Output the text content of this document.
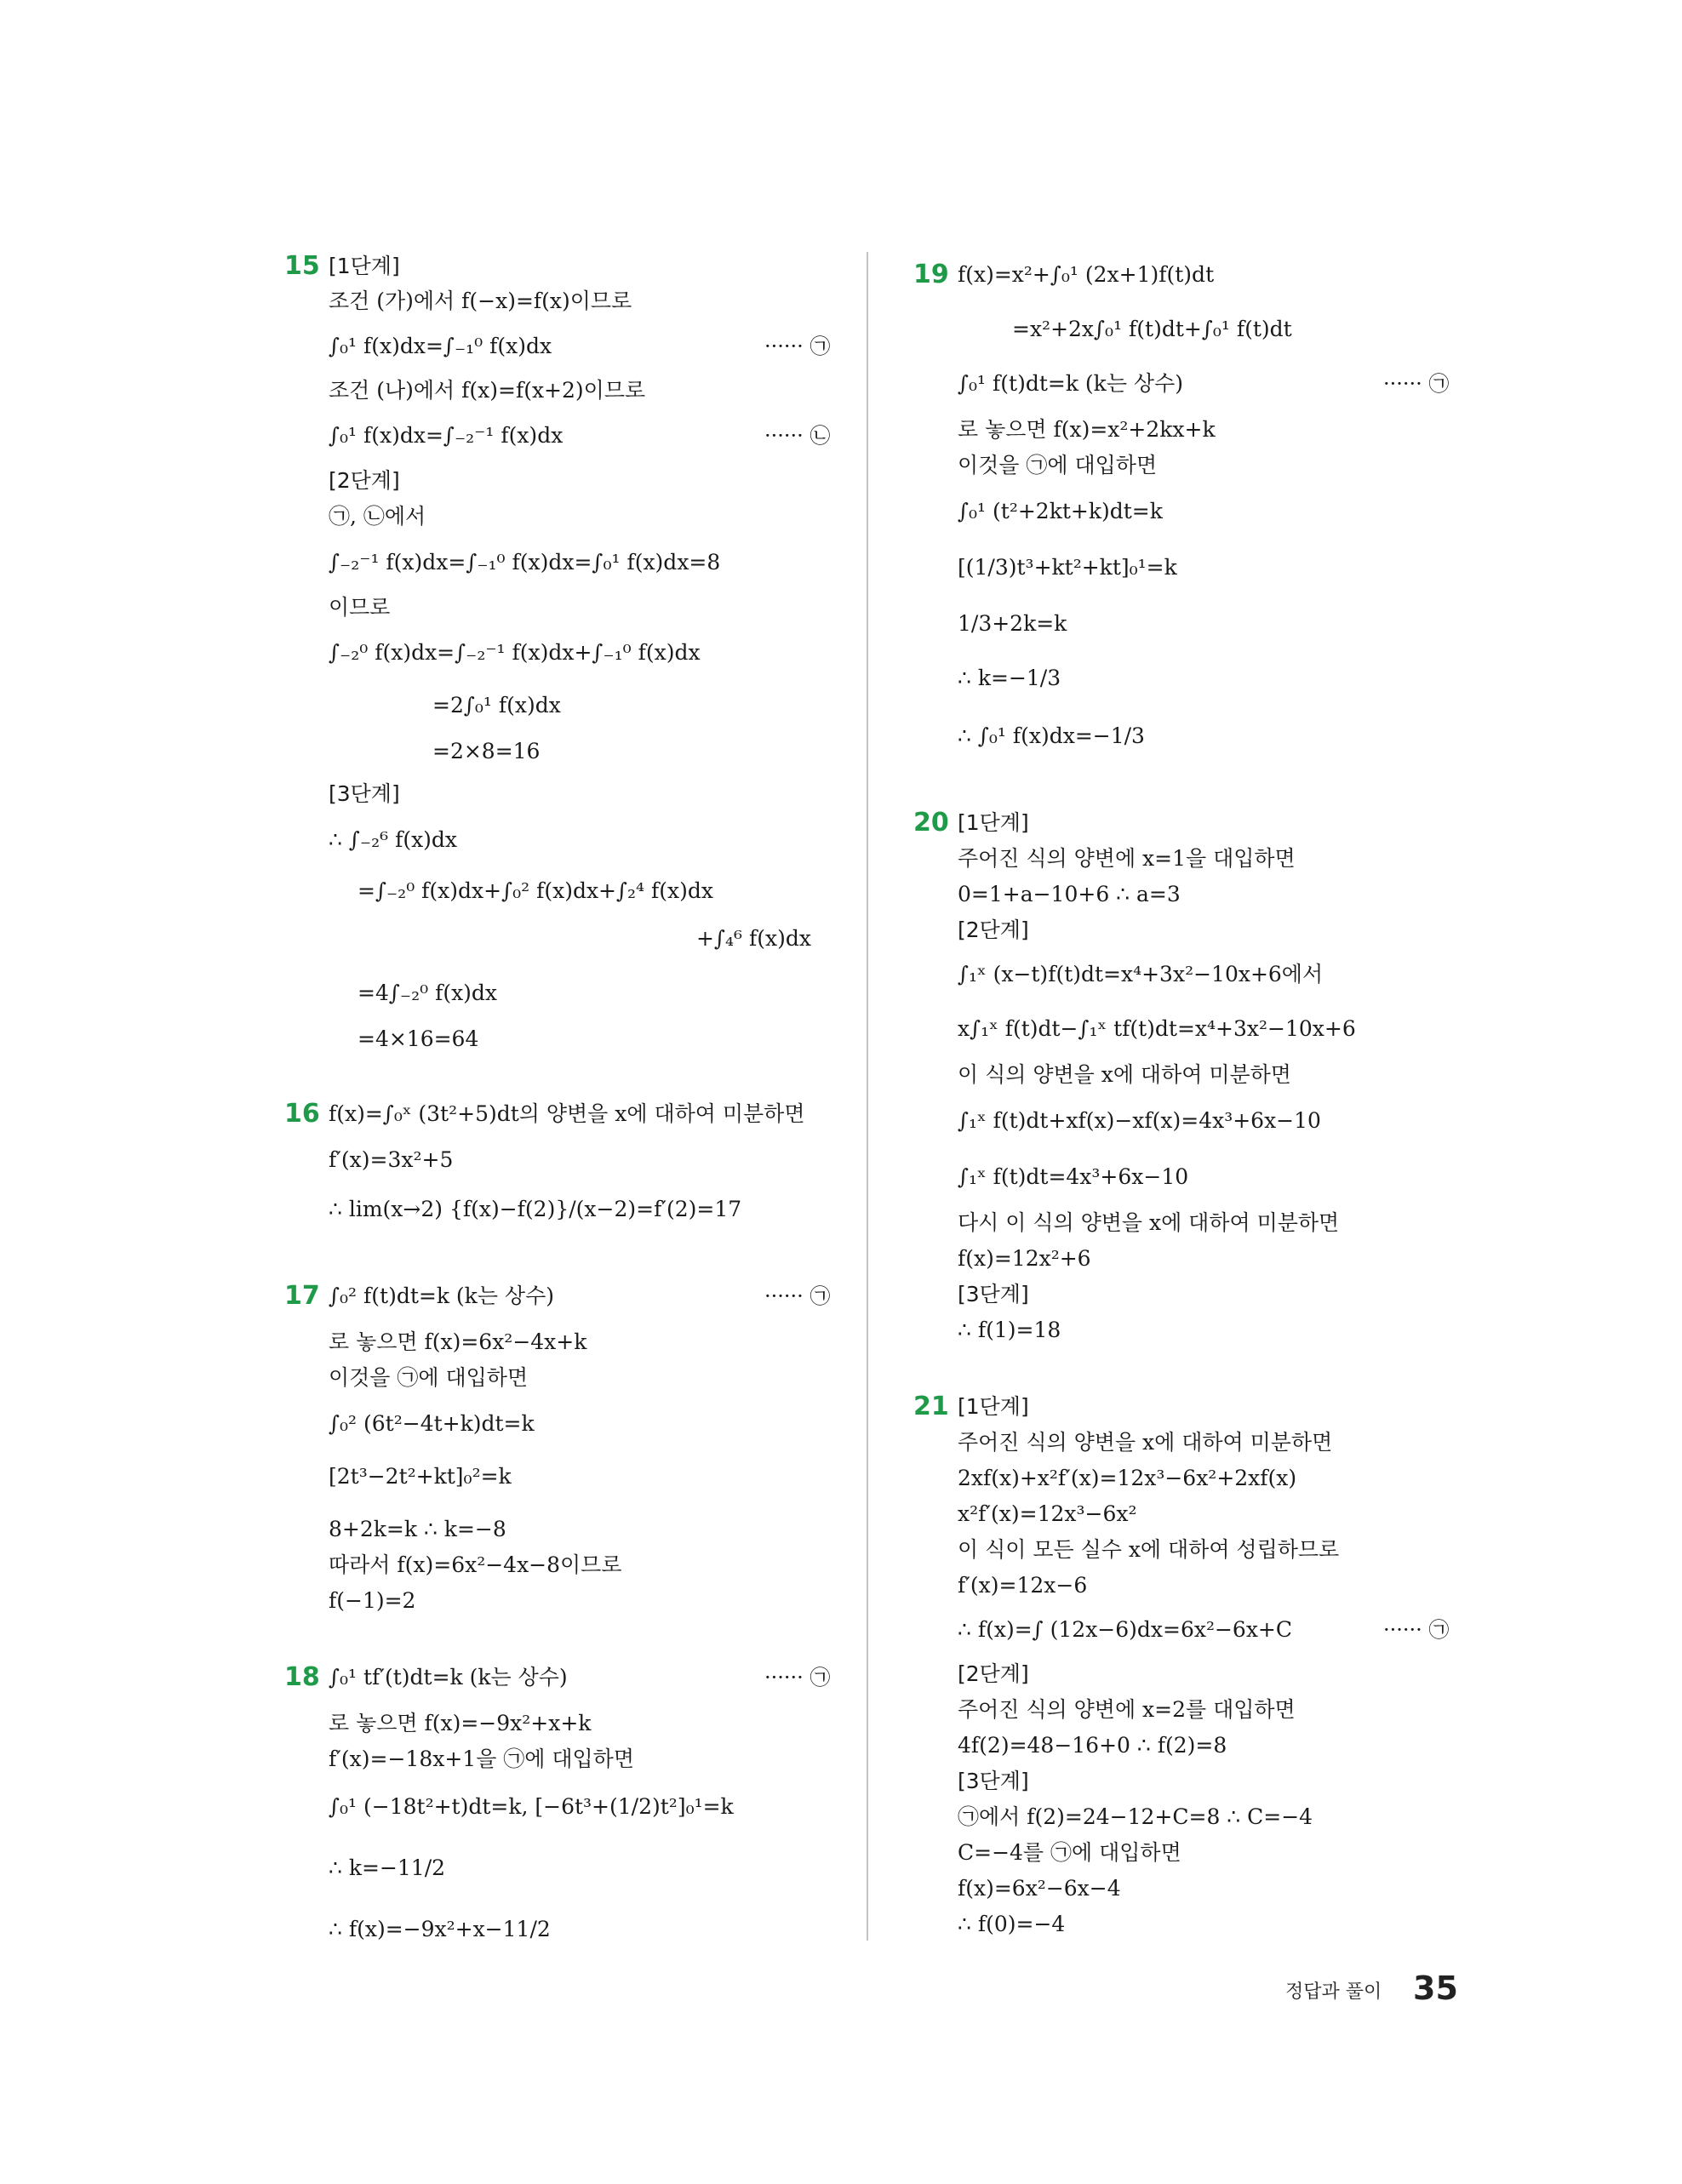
15 [1단계]
조건 (가)에서 f(−x)=f(x)이므로
∫₀¹ f(x)dx=∫₋₁⁰ f(x)dx	······ ㉠
조건 (나)에서 f(x)=f(x+2)이므로
∫₀¹ f(x)dx=∫₋₂⁻¹ f(x)dx	······ ㉡
[2단계]
㉠, ㉡에서
∫₋₂⁻¹ f(x)dx=∫₋₁⁰ f(x)dx=∫₀¹ f(x)dx=8
이므로
∫₋₂⁰ f(x)dx=∫₋₂⁻¹ f(x)dx+∫₋₁⁰ f(x)dx
=2∫₀¹ f(x)dx
=2×8=16
[3단계]
∴ ∫₋₂⁶ f(x)dx
=∫₋₂⁰ f(x)dx+∫₀² f(x)dx+∫₂⁴ f(x)dx
+∫₄⁶ f(x)dx
=4∫₋₂⁰ f(x)dx
=4×16=64
16 f(x)=∫₀ˣ (3t²+5)dt의 양변을 x에 대하여 미분하면
f′(x)=3x²+5
∴ lim(x→2) {f(x)−f(2)}/(x−2)=f′(2)=17
17 ∫₀² f(t)dt=k (k는 상수)	······ ㉠
로 놓으면 f(x)=6x²−4x+k
이것을 ㉠에 대입하면
∫₀² (6t²−4t+k)dt=k
[2t³−2t²+kt]₀²=k
8+2k=k ∴ k=−8
따라서 f(x)=6x²−4x−8이므로
f(−1)=2
18 ∫₀¹ tf′(t)dt=k (k는 상수)	······ ㉠
로 놓으면 f(x)=−9x²+x+k
f′(x)=−18x+1을 ㉠에 대입하면
∫₀¹ (−18t²+t)dt=k, [−6t³+(1/2)t²]₀¹=k
∴ k=−11/2
∴ f(x)=−9x²+x−11/2
19 f(x)=x²+∫₀¹ (2x+1)f(t)dt
=x²+2x∫₀¹ f(t)dt+∫₀¹ f(t)dt
∫₀¹ f(t)dt=k (k는 상수)	······ ㉠
로 놓으면 f(x)=x²+2kx+k
이것을 ㉠에 대입하면
∫₀¹ (t²+2kt+k)dt=k
[(1/3)t³+kt²+kt]₀¹=k
1/3+2k=k
∴ k=−1/3
∴ ∫₀¹ f(x)dx=−1/3
20 [1단계]
주어진 식의 양변에 x=1을 대입하면
0=1+a−10+6 ∴ a=3
[2단계]
∫₁ˣ (x−t)f(t)dt=x⁴+3x²−10x+6에서
x∫₁ˣ f(t)dt−∫₁ˣ tf(t)dt=x⁴+3x²−10x+6
이 식의 양변을 x에 대하여 미분하면
∫₁ˣ f(t)dt+xf(x)−xf(x)=4x³+6x−10
∫₁ˣ f(t)dt=4x³+6x−10
다시 이 식의 양변을 x에 대하여 미분하면
f(x)=12x²+6
[3단계]
∴ f(1)=18
21 [1단계]
주어진 식의 양변을 x에 대하여 미분하면
2xf(x)+x²f′(x)=12x³−6x²+2xf(x)
x²f′(x)=12x³−6x²
이 식이 모든 실수 x에 대하여 성립하므로
f′(x)=12x−6
∴ f(x)=∫ (12x−6)dx=6x²−6x+C	······ ㉠
[2단계]
주어진 식의 양변에 x=2를 대입하면
4f(2)=48−16+0 ∴ f(2)=8
[3단계]
㉠에서 f(2)=24−12+C=8 ∴ C=−4
C=−4를 ㉠에 대입하면
f(x)=6x²−6x−4
∴ f(0)=−4
정답과 풀이 35
